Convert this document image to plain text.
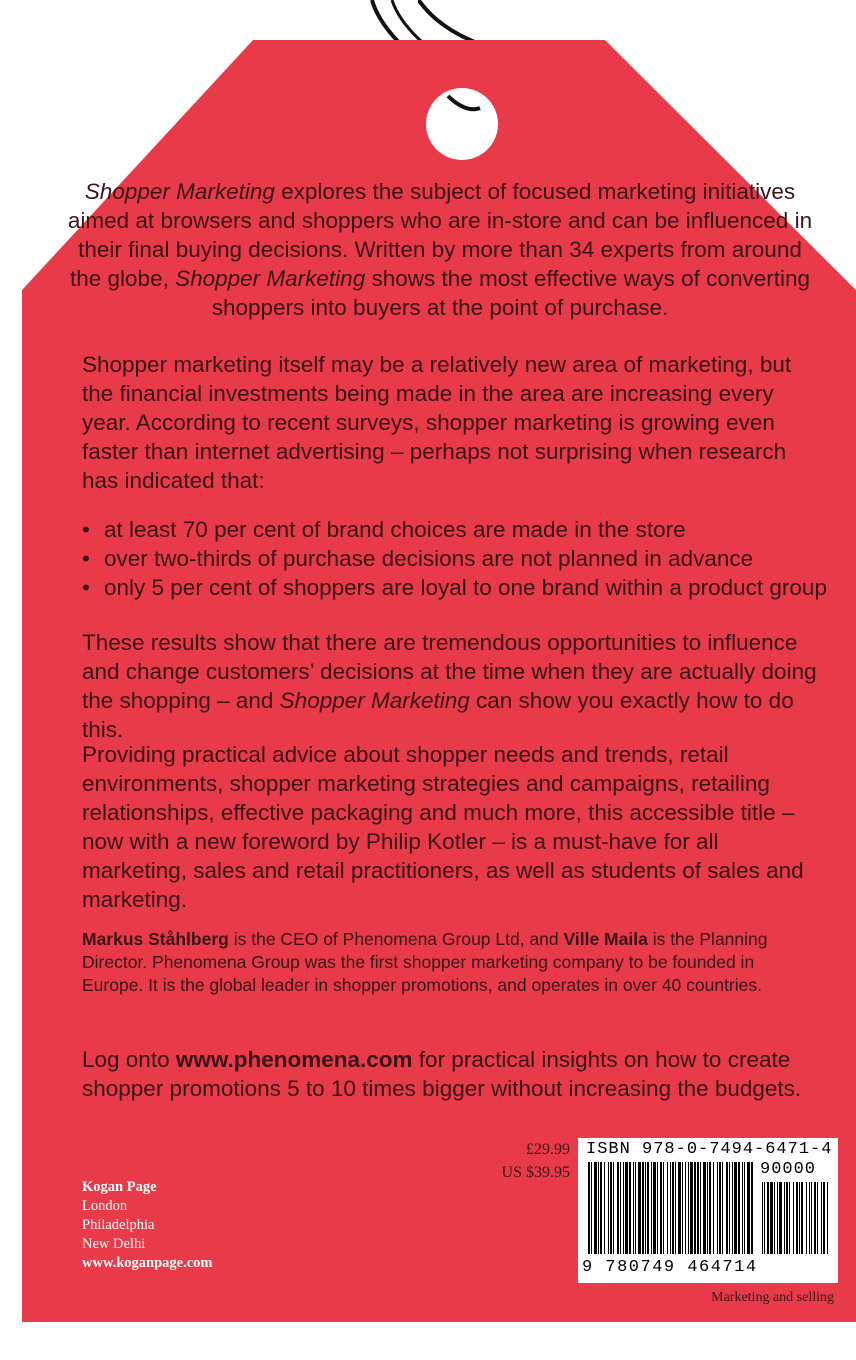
Shopper Marketing explores the subject of focused marketing initiatives aimed at browsers and shoppers who are in-store and can be influenced in their final buying decisions. Written by more than 34 experts from around the globe, Shopper Marketing shows the most effective ways of converting shoppers into buyers at the point of purchase.

Shopper marketing itself may be a relatively new area of marketing, but the financial investments being made in the area are increasing every year. According to recent surveys, shopper marketing is growing even faster than internet advertising – perhaps not surprising when research has indicated that:

• at least 70 per cent of brand choices are made in the store
• over two-thirds of purchase decisions are not planned in advance
• only 5 per cent of shoppers are loyal to one brand within a product group

These results show that there are tremendous opportunities to influence and change customers’ decisions at the time when they are actually doing the shopping – and Shopper Marketing can show you exactly how to do this.

Providing practical advice about shopper needs and trends, retail environments, shopper marketing strategies and campaigns, retailing relationships, effective packaging and much more, this accessible title – now with a new foreword by Philip Kotler – is a must-have for all marketing, sales and retail practitioners, as well as students of sales and marketing.

Markus Ståhlberg is the CEO of Phenomena Group Ltd, and Ville Maila is the Planning Director. Phenomena Group was the first shopper marketing company to be founded in Europe. It is the global leader in shopper promotions, and operates in over 40 countries.

Log onto www.phenomena.com for practical insights on how to create shopper promotions 5 to 10 times bigger without increasing the budgets.

Kogan Page
London
Philadelphia
New Delhi
www.koganpage.com
£29.99
US $39.95
ISBN 978-0-7494-6471-4
90000
9 780749 464714
Marketing and selling
